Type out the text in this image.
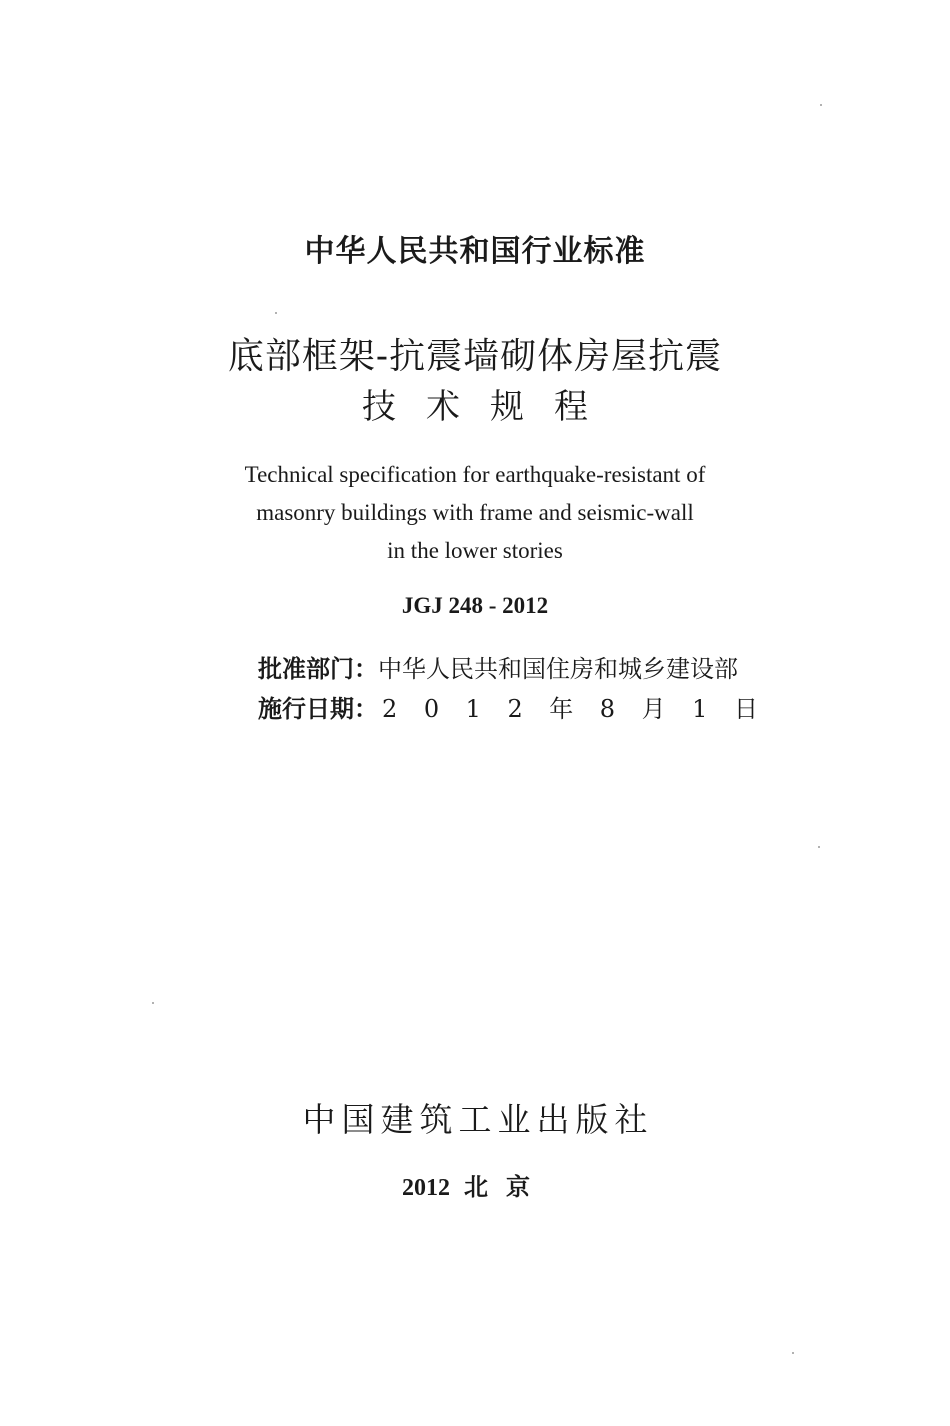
中华人民共和国行业标准
底部框架-抗震墙砌体房屋抗震
技术规程
Technical specification for earthquake-resistant of
masonry buildings with frame and seismic-wall
in the lower stories
JGJ 248 - 2012
批准部门：中华人民共和国住房和城乡建设部
施行日期： 2 0 1 2 年 8 月 1 日
中国建筑工业出版社
2012 北京
